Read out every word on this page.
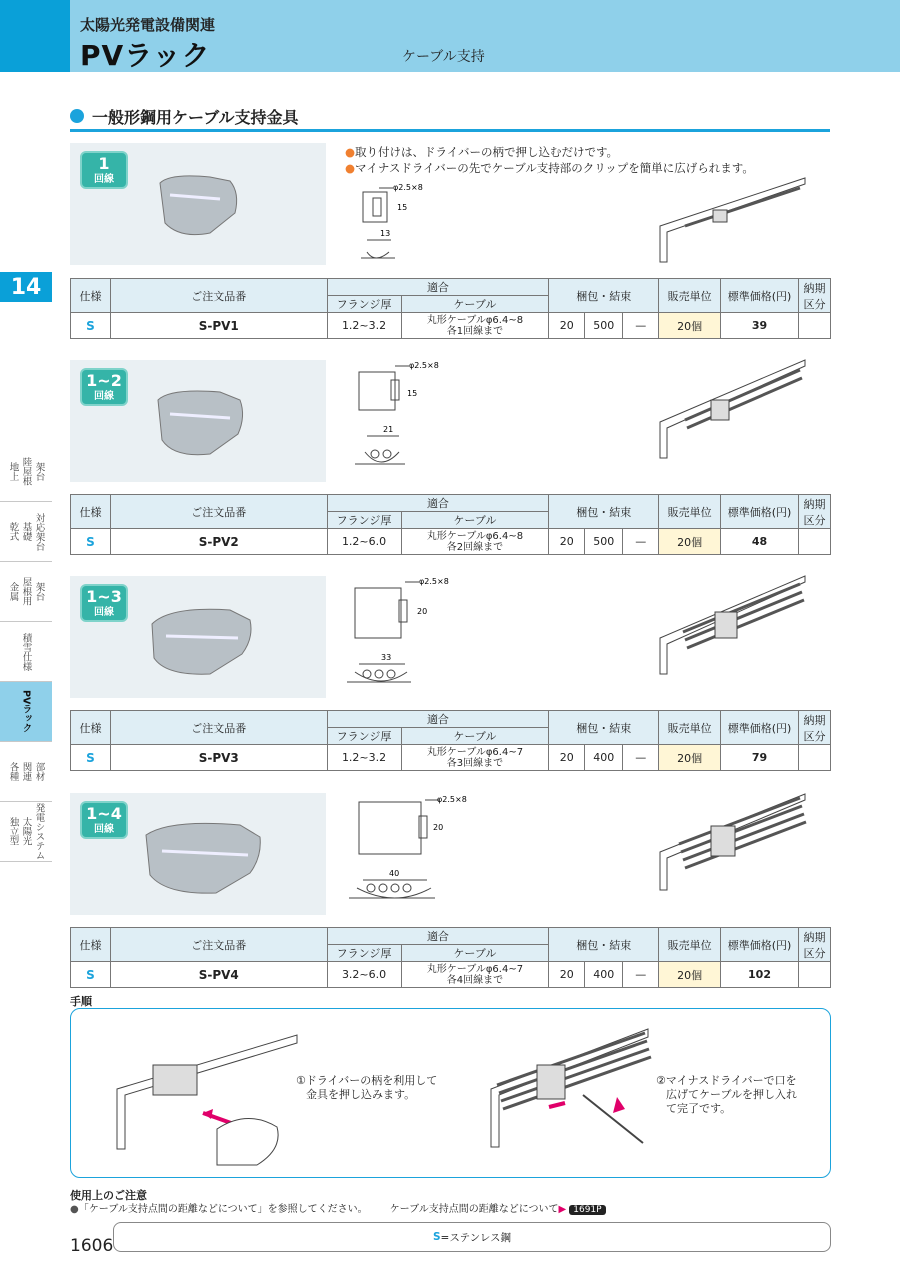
太陽光発電設備関連
PVラック	ケーブル支持
一般形鋼用ケーブル支持金具
●取り付けは、ドライバーの柄で押し込むだけです。
●マイナスドライバーの先でケーブル支持部のクリップを簡単に広げられます。
14
地上 陸屋根 架台
乾式 基礎 対応架台
金属 屋根用 架台
積雪仕様
PVラック
各種 関連 部材
独立型 太陽光 発電システム
1
回線
φ2.5×8
15
13
仕様	ご注文品番	適合		梱包・結束			販売単位	標準価格(円)	納期区分
		フランジ厚	ケーブル						
S	S-PV1	1.2~3.2	丸形ケーブルφ6.4~8
各1回線まで	20	500	—	20個	39	
1~2
回線
φ2.5×8
15
21
仕様	ご注文品番	適合		梱包・結束			販売単位	標準価格(円)	納期区分
		フランジ厚	ケーブル						
S	S-PV2	1.2~6.0	丸形ケーブルφ6.4~8
各2回線まで	20	500	—	20個	48	
1~3
回線
φ2.5×8
20
33
仕様	ご注文品番	適合		梱包・結束			販売単位	標準価格(円)	納期区分
		フランジ厚	ケーブル						
S	S-PV3	1.2~3.2	丸形ケーブルφ6.4~7
各3回線まで	20	400	—	20個	79	
1~4
回線
φ2.5×8
20
40
仕様	ご注文品番	適合		梱包・結束			販売単位	標準価格(円)	納期区分
		フランジ厚	ケーブル						
S	S-PV4	3.2~6.0	丸形ケーブルφ6.4~7
各4回線まで	20	400	—	20個	102	
手順
①ドライバーの柄を利用して
金具を押し込みます。
②マイナスドライバーで口を
広げてケーブルを押し入れ
て完了です。
使用上のご注意
●「ケーブル支持点間の距離などについて」を参照してください。 ケーブル支持点間の距離などについて▶ 1691P
1606	S =ステンレス鋼
